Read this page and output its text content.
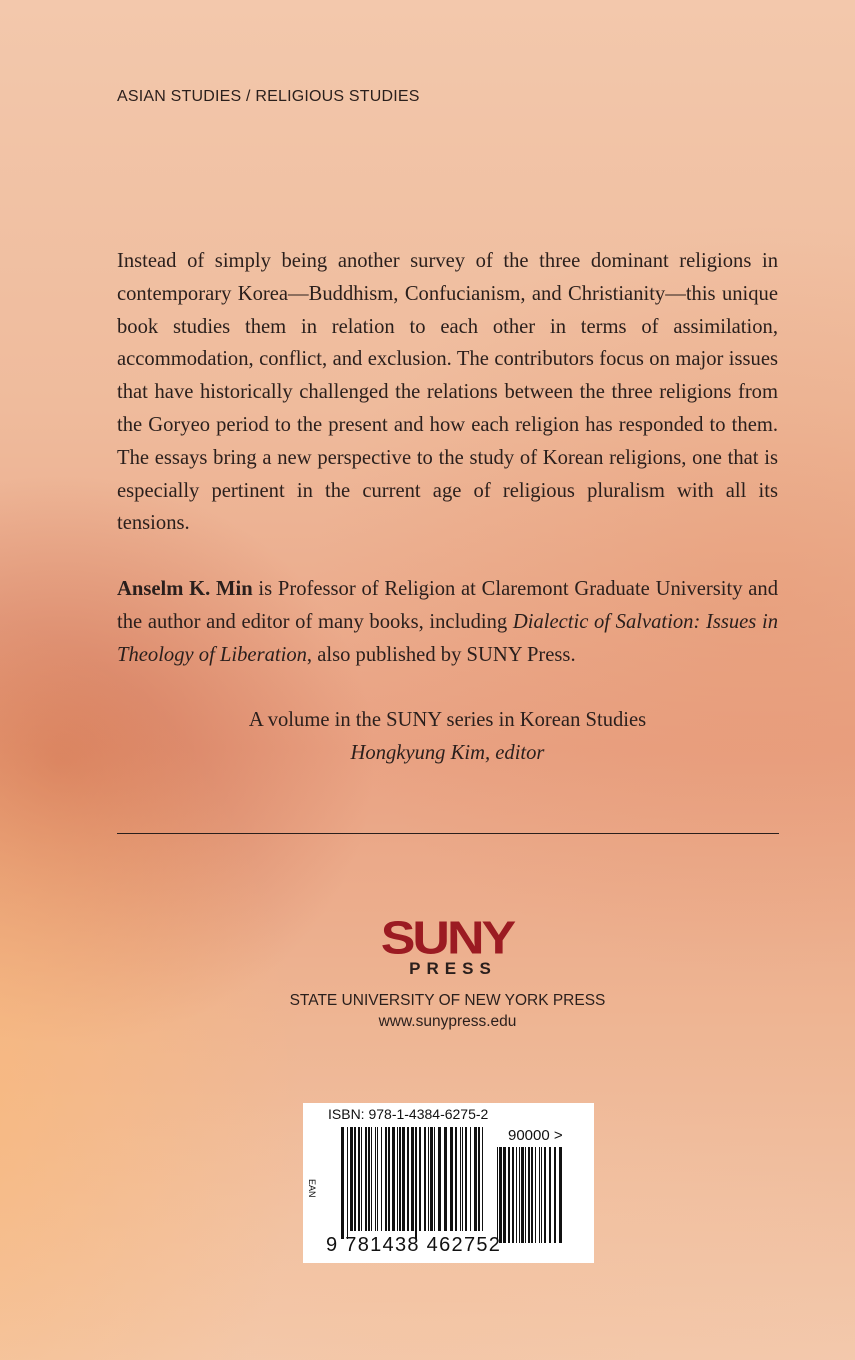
ASIAN STUDIES / RELIGIOUS STUDIES

Instead of simply being another survey of the three dominant religions in contemporary Korea—Buddhism, Confucianism, and Christianity—this unique book studies them in relation to each other in terms of assimilation, accommodation, conflict, and exclusion. The contributors focus on major issues that have historically challenged the relations between the three religions from the Goryeo period to the present and how each religion has responded to them. The essays bring a new perspective to the study of Korean religions, one that is especially pertinent in the current age of religious pluralism with all its tensions.

Anselm K. Min is Professor of Religion at Claremont Graduate University and the author and editor of many books, including Dialectic of Salvation: Issues in Theology of Liberation, also published by SUNY Press.

A volume in the SUNY series in Korean Studies
Hongkyung Kim, editor
SUNY
PRESS
STATE UNIVERSITY OF NEW YORK PRESS
www.sunypress.edu
ISBN: 978-1-4384-6275-2
EAN
90000 >
9 781438 462752
